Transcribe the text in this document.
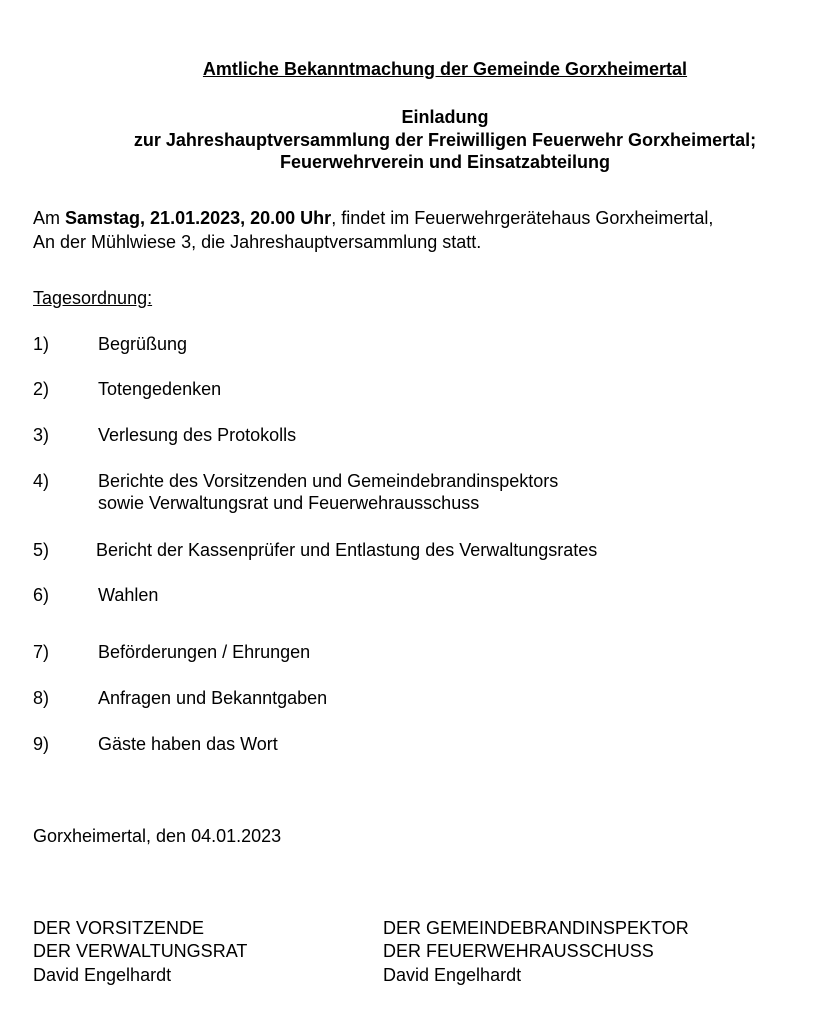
Amtliche Bekanntmachung der Gemeinde Gorxheimertal
Einladung
zur Jahreshauptversammlung der Freiwilligen Feuerwehr Gorxheimertal;
Feuerwehrverein und Einsatzabteilung
Am Samstag, 21.01.2023, 20.00 Uhr, findet im Feuerwehrgerätehaus Gorxheimertal,
An der Mühlwiese 3, die Jahreshauptversammlung statt.
Tagesordnung:
1)	Begrüßung
2)	Totengedenken
3)	Verlesung des Protokolls
4)	Berichte des Vorsitzenden und Gemeindebrandinspektors
sowie Verwaltungsrat und Feuerwehrausschuss
5)	Bericht der Kassenprüfer und Entlastung des Verwaltungsrates
6)	Wahlen
7)	Beförderungen / Ehrungen
8)	Anfragen und Bekanntgaben
9)	Gäste haben das Wort
Gorxheimertal, den 04.01.2023
DER VORSITZENDE
DER VERWALTUNGSRAT
David Engelhardt
DER GEMEINDEBRANDINSPEKTOR
DER FEUERWEHRAUSSCHUSS
David Engelhardt
